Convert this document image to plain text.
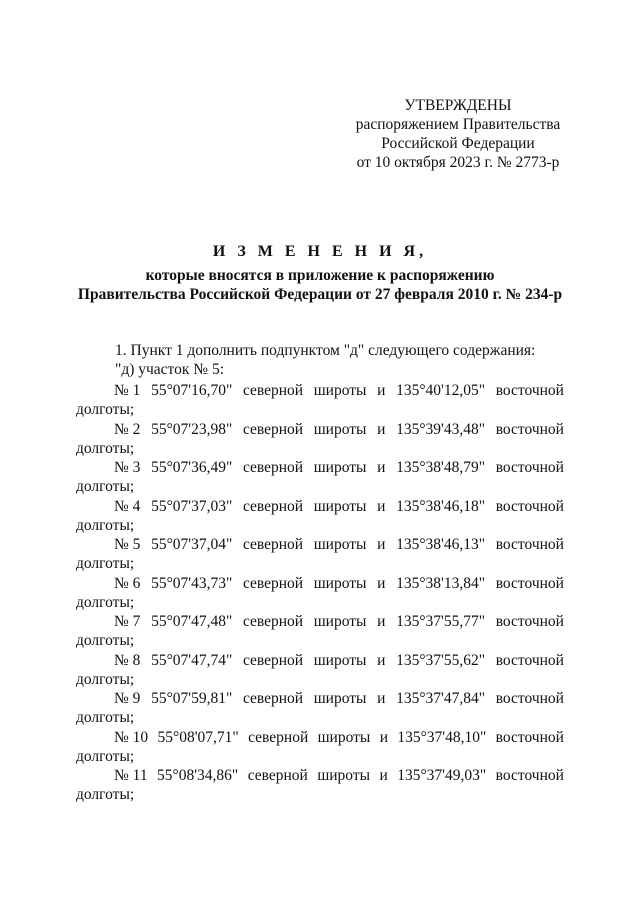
УТВЕРЖДЕНЫ
распоряжением Правительства
Российской Федерации
от 10 октября 2023 г. № 2773-р
И З М Е Н Е Н И Я,
которые вносятся в приложение к распоряжению
Правительства Российской Федерации от 27 февраля 2010 г. № 234-р
1. Пункт 1 дополнить подпунктом "д" следующего содержания:
"д) участок № 5:
№ 1 55°07'16,70" северной широты и 135°40'12,05" восточной
долготы;
№ 2 55°07'23,98" северной широты и 135°39'43,48" восточной
долготы;
№ 3 55°07'36,49" северной широты и 135°38'48,79" восточной
долготы;
№ 4 55°07'37,03" северной широты и 135°38'46,18" восточной
долготы;
№ 5 55°07'37,04" северной широты и 135°38'46,13" восточной
долготы;
№ 6 55°07'43,73" северной широты и 135°38'13,84" восточной
долготы;
№ 7 55°07'47,48" северной широты и 135°37'55,77" восточной
долготы;
№ 8 55°07'47,74" северной широты и 135°37'55,62" восточной
долготы;
№ 9 55°07'59,81" северной широты и 135°37'47,84" восточной
долготы;
№ 10 55°08'07,71" северной широты и 135°37'48,10" восточной
долготы;
№ 11 55°08'34,86" северной широты и 135°37'49,03" восточной
долготы;
